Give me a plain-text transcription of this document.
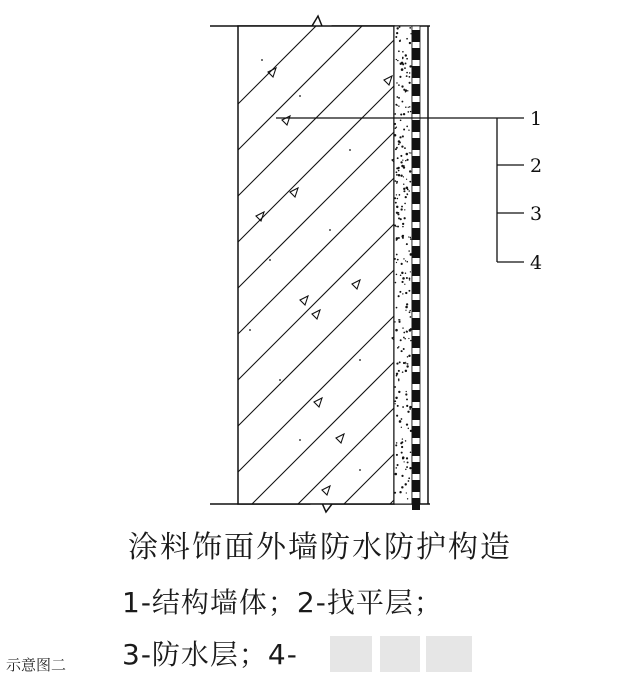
1
2
3
4

涂料饰面外墙防水防护构造

1-结构墙体；2-找平层；

3-防水层；4-

示意图二
